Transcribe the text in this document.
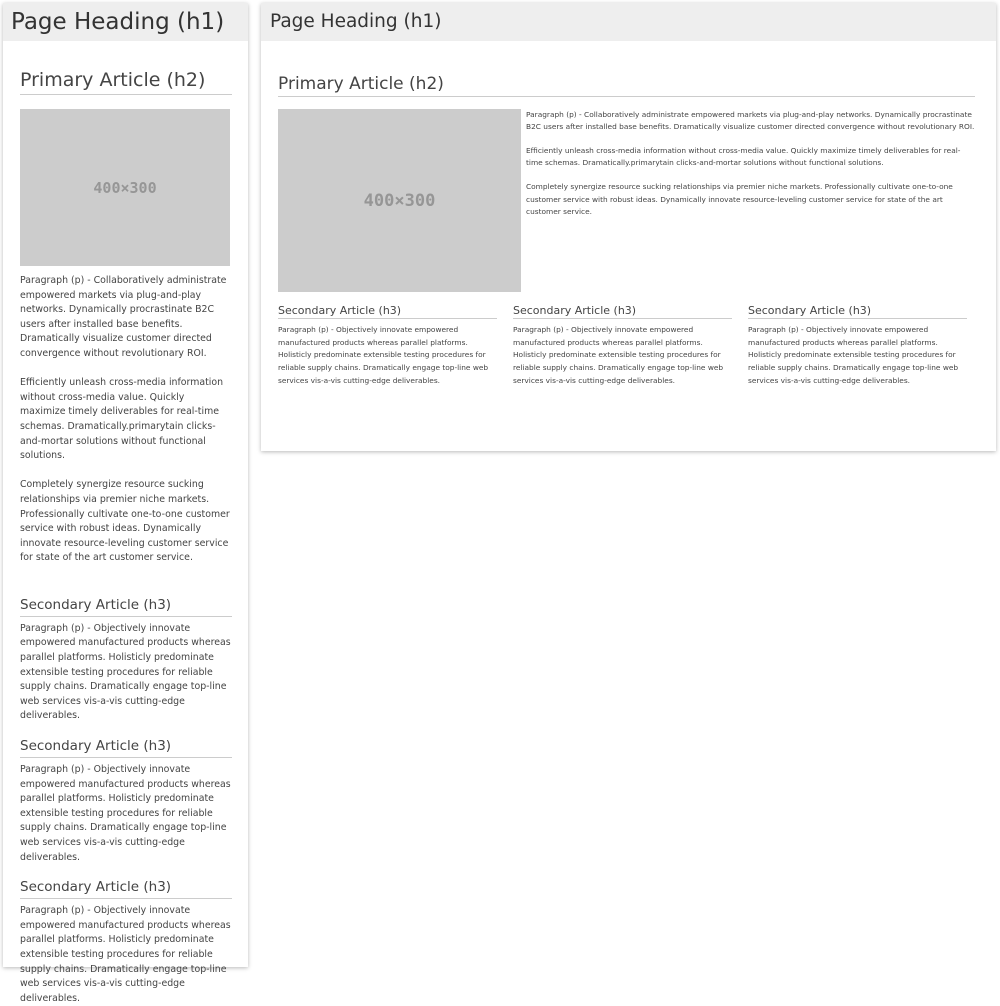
Page Heading (h1)
Primary Article (h2)
400×300

Paragraph (p) - Collaboratively administrate empowered markets via plug-and-play networks. Dynamically procrastinate B2C users after installed base benefits. Dramatically visualize customer directed convergence without revolutionary ROI.

Efficiently unleash cross-media information without cross-media value. Quickly maximize timely deliverables for real-time schemas. Dramatically.primarytain clicks-and-mortar solutions without functional solutions.

Completely synergize resource sucking relationships via premier niche markets. Professionally cultivate one-to-one customer service with robust ideas. Dynamically innovate resource-leveling customer service for state of the art customer service.

Secondary Article (h3)

Paragraph (p) - Objectively innovate empowered manufactured products whereas parallel platforms. Holisticly predominate extensible testing procedures for reliable supply chains. Dramatically engage top-line web services vis-a-vis cutting-edge deliverables.

Secondary Article (h3)

Paragraph (p) - Objectively innovate empowered manufactured products whereas parallel platforms. Holisticly predominate extensible testing procedures for reliable supply chains. Dramatically engage top-line web services vis-a-vis cutting-edge deliverables.

Secondary Article (h3)

Paragraph (p) - Objectively innovate empowered manufactured products whereas parallel platforms. Holisticly predominate extensible testing procedures for reliable supply chains. Dramatically engage top-line web services vis-a-vis cutting-edge deliverables.

Page Heading (h1)
Primary Article (h2)
400×300

Paragraph (p) - Collaboratively administrate empowered markets via plug-and-play networks. Dynamically procrastinate B2C users after installed base benefits. Dramatically visualize customer directed convergence without revolutionary ROI.

Efficiently unleash cross-media information without cross-media value. Quickly maximize timely deliverables for real-time schemas. Dramatically.primarytain clicks-and-mortar solutions without functional solutions.

Completely synergize resource sucking relationships via premier niche markets. Professionally cultivate one-to-one customer service with robust ideas. Dynamically innovate resource-leveling customer service for state of the art customer service.

Secondary Article (h3)

Paragraph (p) - Objectively innovate empowered manufactured products whereas parallel platforms. Holisticly predominate extensible testing procedures for reliable supply chains. Dramatically engage top-line web services vis-a-vis cutting-edge deliverables.

Secondary Article (h3)

Paragraph (p) - Objectively innovate empowered manufactured products whereas parallel platforms. Holisticly predominate extensible testing procedures for reliable supply chains. Dramatically engage top-line web services vis-a-vis cutting-edge deliverables.

Secondary Article (h3)

Paragraph (p) - Objectively innovate empowered manufactured products whereas parallel platforms. Holisticly predominate extensible testing procedures for reliable supply chains. Dramatically engage top-line web services vis-a-vis cutting-edge deliverables.
